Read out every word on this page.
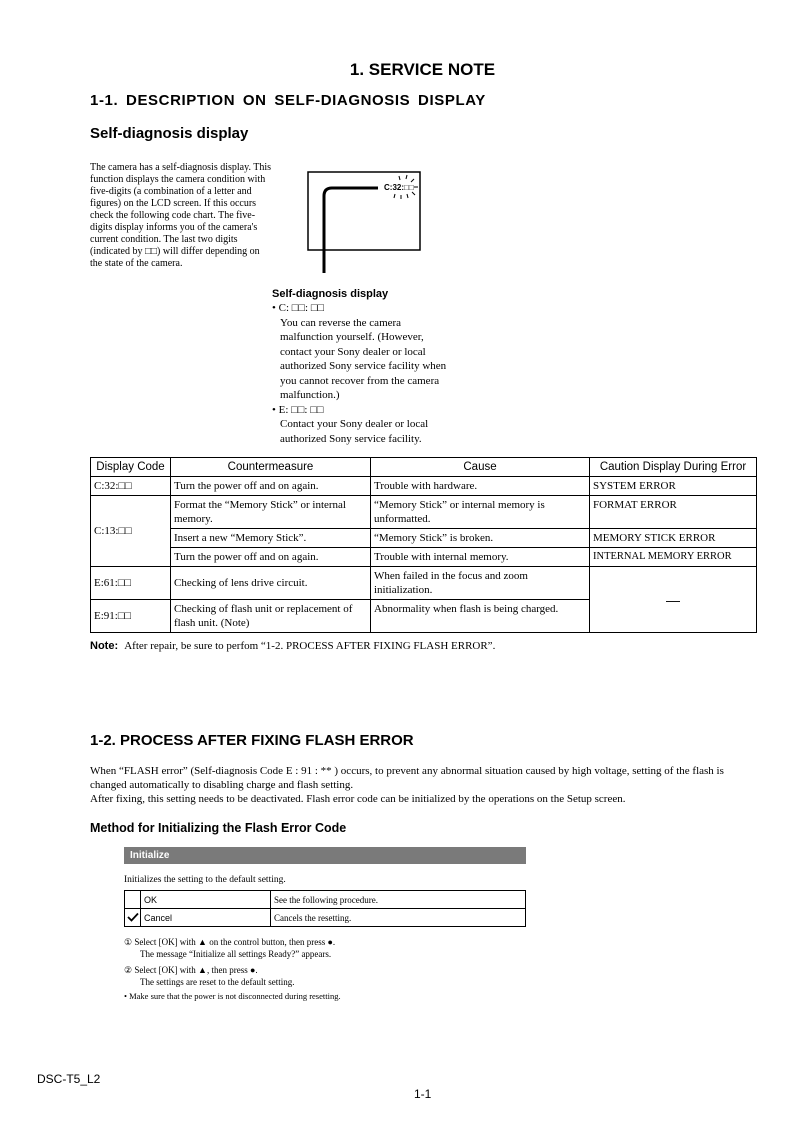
1. SERVICE NOTE
1-1. DESCRIPTION ON SELF-DIAGNOSIS DISPLAY
Self-diagnosis display
The camera has a self-diagnosis display. This function displays the camera condition with five-digits (a combination of a letter and figures) on the LCD screen. If this occurs check the following code chart. The five-digits display informs you of the camera's current condition. The last two digits (indicated by □□) will differ depending on the state of the camera.
C:32:□□
Self-diagnosis display
• C: □□: □□
You can reverse the camera malfunction yourself. (However, contact your Sony dealer or local authorized Sony service facility when you cannot recover from the camera malfunction.)
• E: □□: □□
Contact your Sony dealer or local authorized Sony service facility.
Display Code	Countermeasure	Cause	Caution Display During Error
C:32:□□	Turn the power off and on again.	Trouble with hardware.	SYSTEM ERROR
C:13:□□	Format the “Memory Stick” or internal memory.	“Memory Stick” or internal memory is unformatted.	FORMAT ERROR
	Insert a new “Memory Stick”.	“Memory Stick” is broken.	MEMORY STICK ERROR
	Turn the power off and on again.	Trouble with internal memory.	INTERNAL MEMORY ERROR
E:61:□□	Checking of lens drive circuit.	When failed in the focus and zoom initialization.	—
E:91:□□	Checking of flash unit or replacement of flash unit. (Note)	Abnormality when flash is being charged.	
Note: After repair, be sure to perfom “1-2. PROCESS AFTER FIXING FLASH ERROR”.
1-2. PROCESS AFTER FIXING FLASH ERROR
When “FLASH error” (Self-diagnosis Code E : 91 : ** ) occurs, to prevent any abnormal situation caused by high voltage, setting of the flash is changed automatically to disabling charge and flash setting.
After fixing, this setting needs to be deactivated. Flash error code can be initialized by the operations on the Setup screen.
Method for Initializing the Flash Error Code
Initialize
Initializes the setting to the default setting.
	OK	See the following procedure.
	Cancel	Cancels the resetting.
① Select [OK] with ▲ on the control button, then press ●.
The message “Initialize all settings Ready?” appears.
② Select [OK] with ▲, then press ●.
The settings are reset to the default setting.
• Make sure that the power is not disconnected during resetting.
DSC-T5_L2
1-1
